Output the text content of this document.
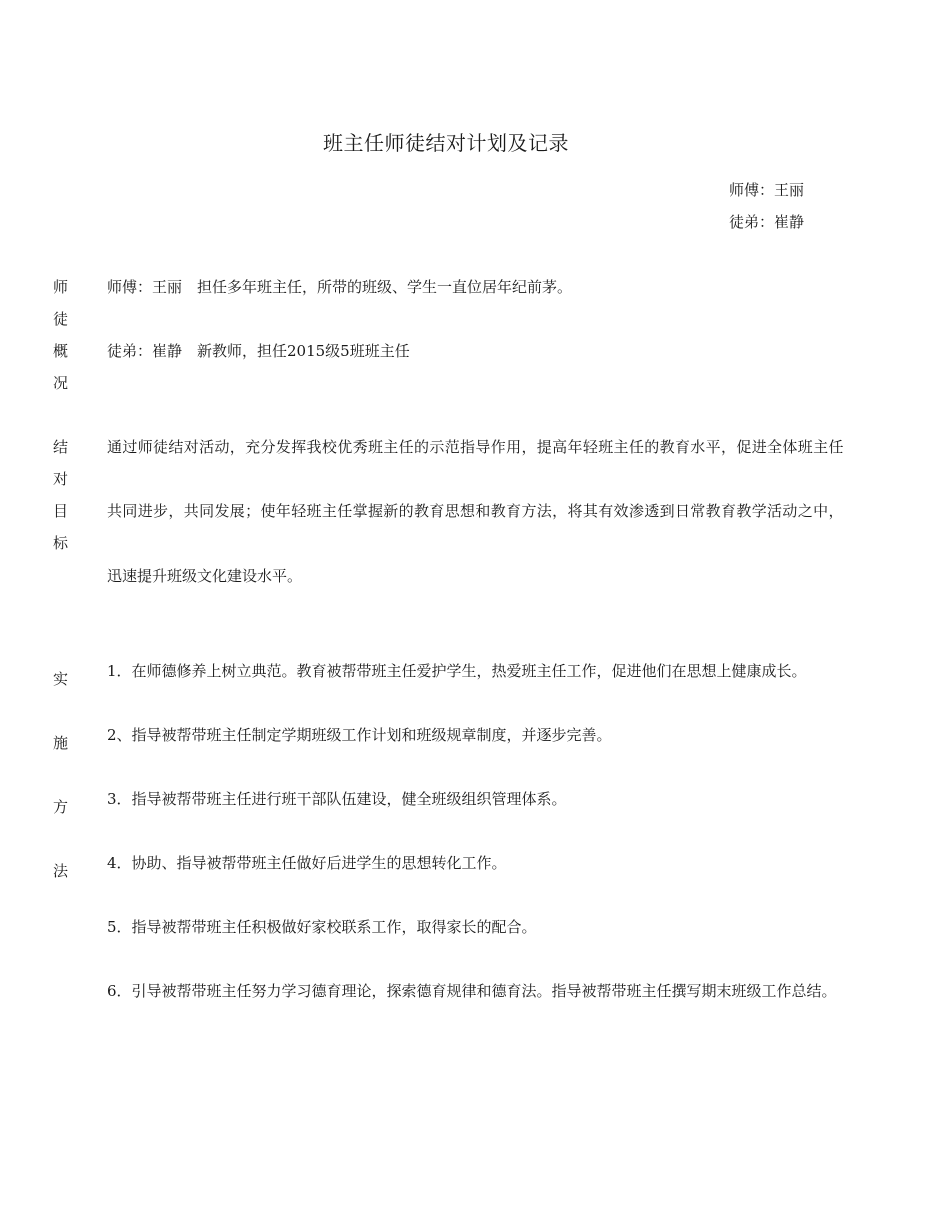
班主任师徒结对计划及记录
师傅：王丽
徒弟：崔静
师
徒
概
况
师傅：王丽　担任多年班主任，所带的班级、学生一直位居年纪前茅。
徒弟：崔静　新教师，担任2015级5班班主任
结
对
目
标
通过师徒结对活动，充分发挥我校优秀班主任的示范指导作用，提高年轻班主任的教育水平，促进全体班主任
共同进步，共同发展；使年轻班主任掌握新的教育思想和教育方法，将其有效渗透到日常教育教学活动之中，
迅速提升班级文化建设水平。
实
施
方
法
1．在师德修养上树立典范。教育被帮带班主任爱护学生，热爱班主任工作，促进他们在思想上健康成长。
2、指导被帮带班主任制定学期班级工作计划和班级规章制度，并逐步完善。
3．指导被帮带班主任进行班干部队伍建设，健全班级组织管理体系。
4．协助、指导被帮带班主任做好后进学生的思想转化工作。
5．指导被帮带班主任积极做好家校联系工作，取得家长的配合。
6．引导被帮带班主任努力学习德育理论，探索德育规律和德育法。指导被帮带班主任撰写期末班级工作总结。
